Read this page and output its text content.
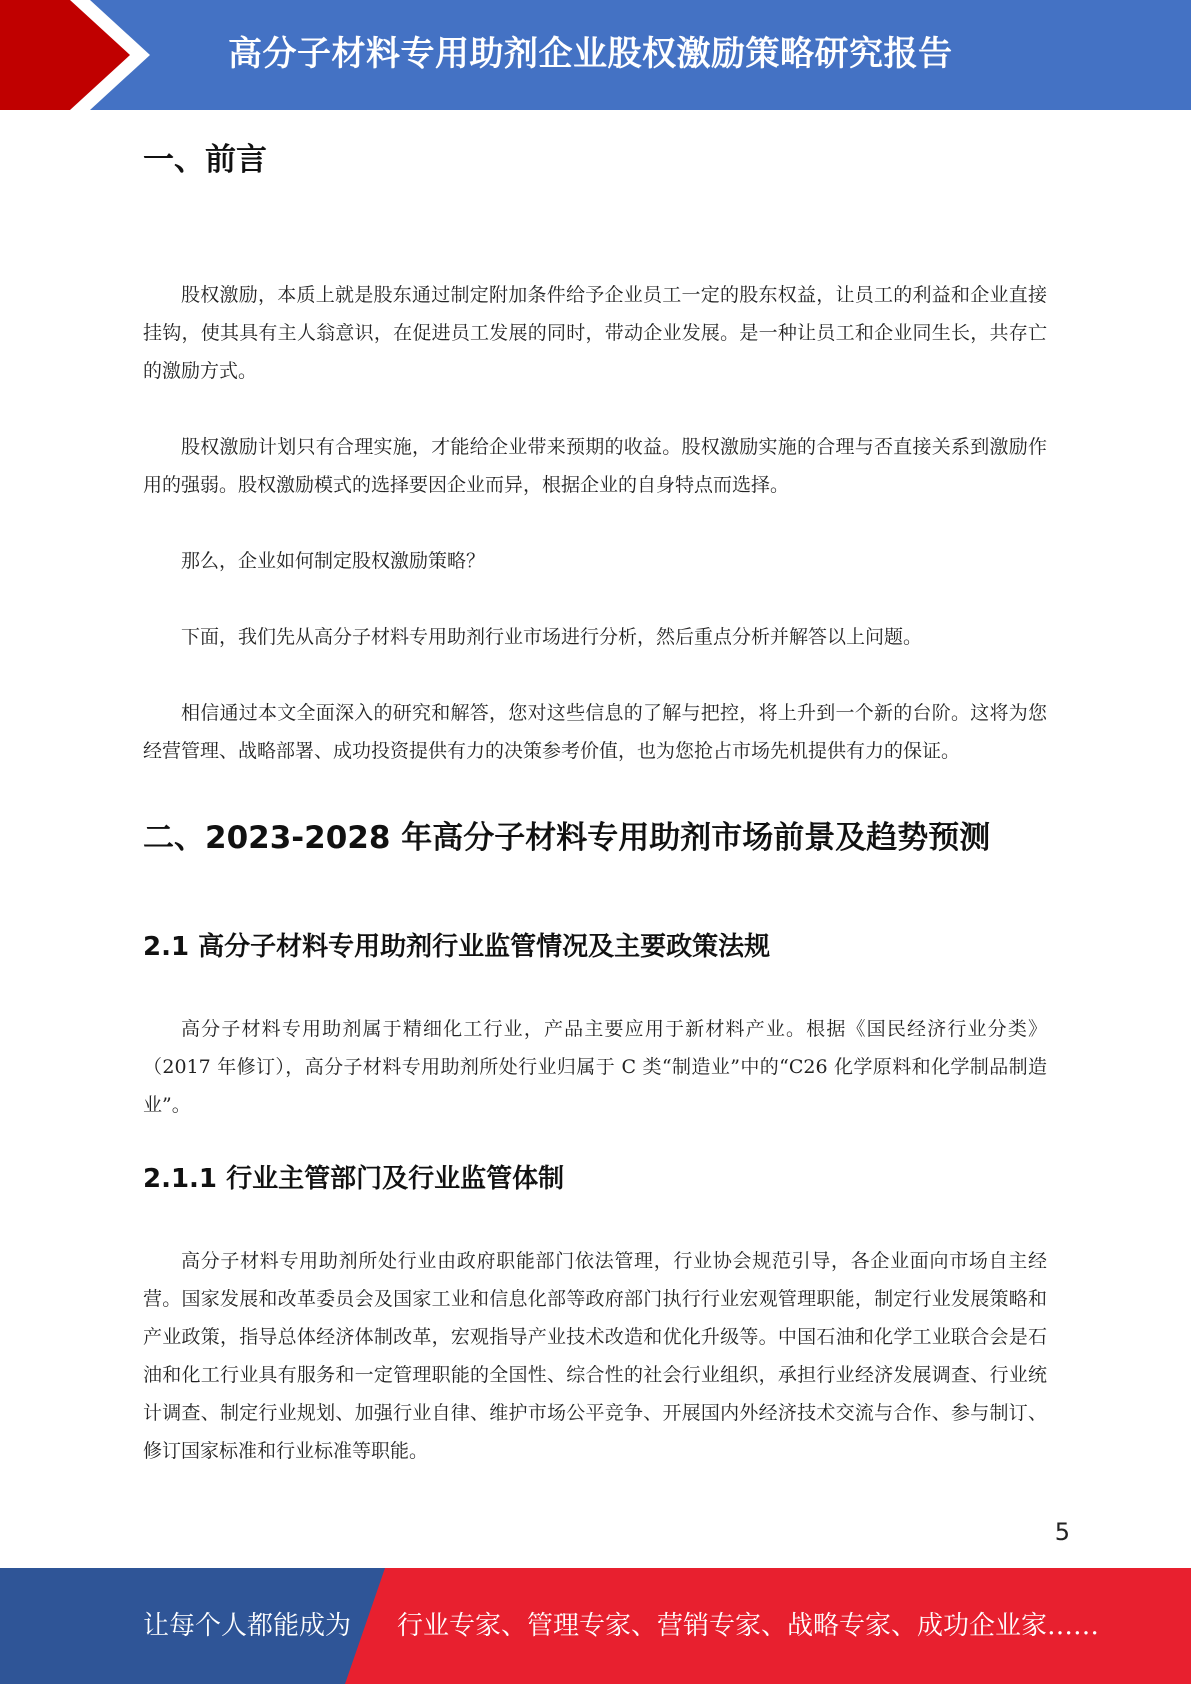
高分子材料专用助剂企业股权激励策略研究报告
一、前言

股权激励，本质上就是股东通过制定附加条件给予企业员工一定的股东权益，让员工的利益和企业直接挂钩，使其具有主人翁意识，在促进员工发展的同时，带动企业发展。是一种让员工和企业同生长，共存亡的激励方式。

股权激励计划只有合理实施，才能给企业带来预期的收益。股权激励实施的合理与否直接关系到激励作用的强弱。股权激励模式的选择要因企业而异，根据企业的自身特点而选择。

那么，企业如何制定股权激励策略？

下面，我们先从高分子材料专用助剂行业市场进行分析，然后重点分析并解答以上问题。

相信通过本文全面深入的研究和解答，您对这些信息的了解与把控，将上升到一个新的台阶。这将为您经营管理、战略部署、成功投资提供有力的决策参考价值，也为您抢占市场先机提供有力的保证。

二、2023-2028 年高分子材料专用助剂市场前景及趋势预测
2.1 高分子材料专用助剂行业监管情况及主要政策法规

高分子材料专用助剂属于精细化工行业，产品主要应用于新材料产业。根据《国民经济行业分类》（2017 年修订），高分子材料专用助剂所处行业归属于 C 类“制造业”中的“C26 化学原料和化学制品制造业”。

2.1.1 行业主管部门及行业监管体制

高分子材料专用助剂所处行业由政府职能部门依法管理，行业协会规范引导，各企业面向市场自主经营。国家发展和改革委员会及国家工业和信息化部等政府部门执行行业宏观管理职能，制定行业发展策略和产业政策，指导总体经济体制改革，宏观指导产业技术改造和优化升级等。中国石油和化学工业联合会是石油和化工行业具有服务和一定管理职能的全国性、综合性的社会行业组织，承担行业经济发展调查、行业统计调查、制定行业规划、加强行业自律、维护市场公平竞争、开展国内外经济技术交流与合作、参与制订、修订国家标准和行业标准等职能。

5
让每个人都能成为 行业专家、管理专家、营销专家、战略专家、成功企业家……
